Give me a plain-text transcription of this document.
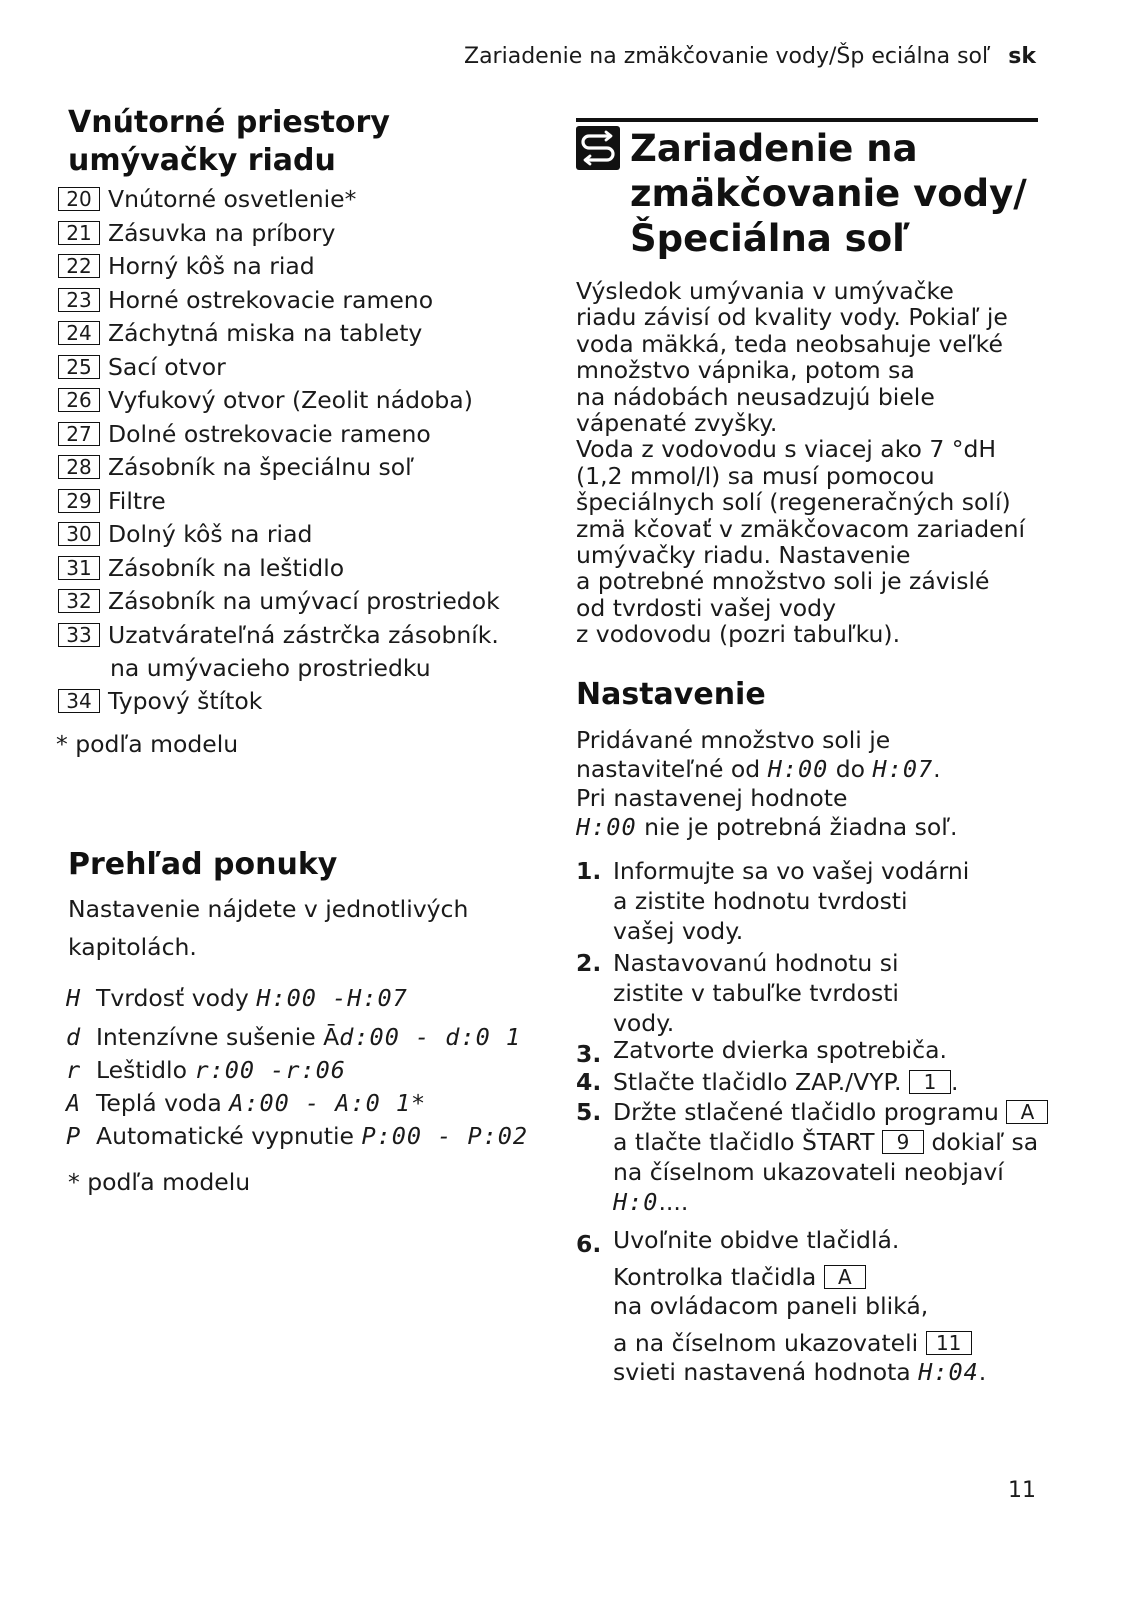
Zariadenie na zmäkčovanie vody/Šp eciálna soľ sk
Vnútorné priestory
umývačky riadu
20 Vnútorné osvetlenie*
21 Zásuvka na príbory
22 Horný kôš na riad
23 Horné ostrekovacie rameno
24 Záchytná miska na tablety
25 Sací otvor
26 Vyfukový otvor (Zeolit nádoba)
27 Dolné ostrekovacie rameno
28 Zásobník na špeciálnu soľ
29 Filtre
30 Dolný kôš na riad
31 Zásobník na leštidlo
32 Zásobník na umývací prostriedok
33 Uzatvárateľná zástrčka zásobník.
na umývacieho prostriedku
34 Typový štítok
* podľa modelu
Prehľad ponuky

Nastavenie nájdete v jednotlivých
kapitolách.

H Tvrdosť vody H:00 -H:07
d Intenzívne sušenie Ād:00 - d:0 1
r Leštidlo r:00 -r:06
A Teplá voda A:00 - A:0 1*
P Automatické vypnutie P:00 - P:02
* podľa modelu
Zariadenie na
zmäkčovanie vody/
Špeciálna soľ

Výsledok umývania v umývačke
riadu závisí od kvality vody. Pokiaľ je
voda mäkká, teda neobsahuje veľké
množstvo vápnika, potom sa
na nádobách neusadzujú biele
vápenaté zvyšky.
Voda z vodovodu s viacej ako 7 °dH
(1,2 mmol/l) sa musí pomocou
špeciálnych solí (regeneračných solí)
zmä kčovať v zmäkčovacom zariadení
umývačky riadu. Nastavenie
a potrebné množstvo soli je závislé
od tvrdosti vašej vody
z vodovodu (pozri tabuľku).

Nastavenie

Pridávané množstvo soli je
nastaviteľné od H:00 do H:07.
Pri nastavenej hodnote
H:00 nie je potrebná žiadna soľ.

1. Informujte sa vo vašej vodárni
a zistite hodnotu tvrdosti
vašej vody.
2. Nastavovanú hodnotu si
zistite v tabuľke tvrdosti
vody.
3. Zatvorte dvierka spotrebiča.
4. Stlačte tlačidlo ZAP./VYP. 1 .
5. Držte stlačené tlačidlo programu A
a tlačte tlačidlo ŠTART 9 dokiaľ sa
na číselnom ukazovateli neobjaví
H:0....
6. Uvoľnite obidve tlačidlá.
Kontrolka tlačidla A
na ovládacom paneli bliká,
a na číselnom ukazovateli 11
svieti nastavená hodnota H:04.
11
